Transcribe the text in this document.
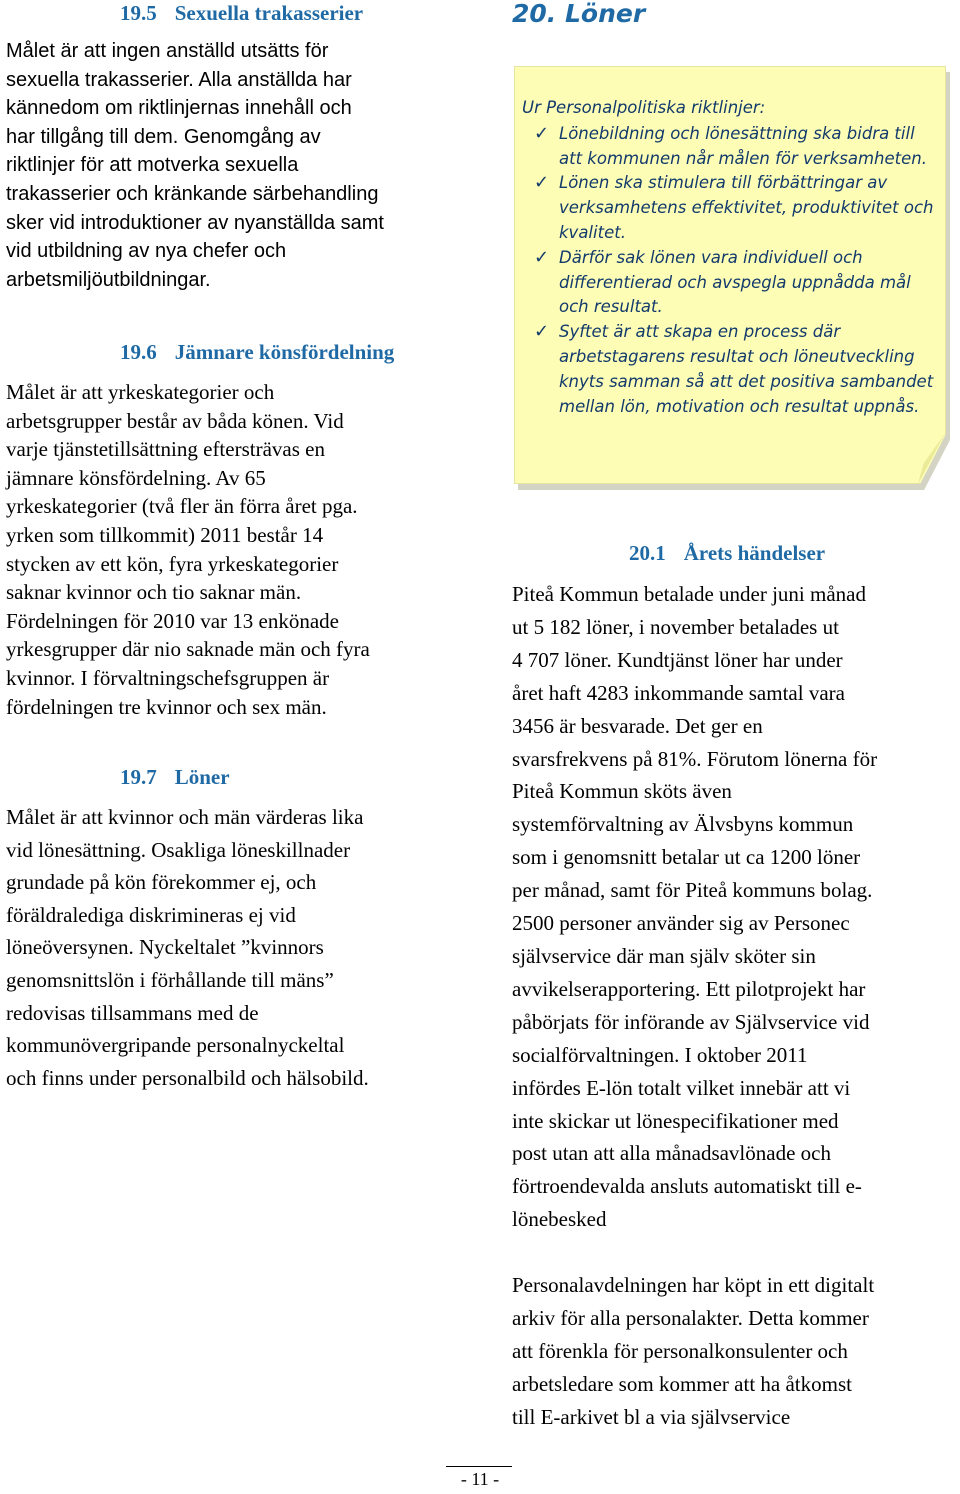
19.5 Sexuella trakasserier

Målet är att ingen anställd utsätts för
sexuella trakasserier. Alla anställda har
kännedom om riktlinjernas innehåll och
har tillgång till dem. Genomgång av
riktlinjer för att motverka sexuella
trakasserier och kränkande särbehandling
sker vid introduktioner av nyanställda samt
vid utbildning av nya chefer och
arbetsmiljöutbildningar.

19.6 Jämnare könsfördelning

Målet är att yrkeskategorier och
arbetsgrupper består av båda könen. Vid
varje tjänstetillsättning eftersträvas en
jämnare könsfördelning. Av 65
yrkeskategorier (två fler än förra året pga.
yrken som tillkommit) 2011 består 14
stycken av ett kön, fyra yrkeskategorier
saknar kvinnor och tio saknar män.
Fördelningen för 2010 var 13 enkönade
yrkesgrupper där nio saknade män och fyra
kvinnor. I förvaltningschefsgruppen är
fördelningen tre kvinnor och sex män.

19.7 Löner

Målet är att kvinnor och män värderas lika
vid lönesättning. Osakliga löneskillnader
grundade på kön förekommer ej, och
föräldralediga diskrimineras ej vid
löneöversynen. Nyckeltalet ”kvinnors
genomsnittslön i förhållande till mäns”
redovisas tillsammans med de
kommunövergripande personalnyckeltal
och finns under personalbild och hälsobild.

20. Löner

Ur Personalpolitiska riktlinjer:

✓ Lönebildning och lönesättning ska bidra till
att kommunen når målen för verksamheten.
✓ Lönen ska stimulera till förbättringar av
verksamhetens effektivitet, produktivitet och
kvalitet.
✓ Därför sak lönen vara individuell och
differentierad och avspegla uppnådda mål
och resultat.
✓ Syftet är att skapa en process där
arbetstagarens resultat och löneutveckling
knyts samman så att det positiva sambandet
mellan lön, motivation och resultat uppnås.
20.1 Årets händelser

Piteå Kommun betalade under juni månad
ut 5 182 löner, i november betalades ut
4 707 löner. Kundtjänst löner har under
året haft 4283 inkommande samtal vara
3456 är besvarade. Det ger en
svarsfrekvens på 81%. Förutom lönerna för
Piteå Kommun sköts även
systemförvaltning av Älvsbyns kommun
som i genomsnitt betalar ut ca 1200 löner
per månad, samt för Piteå kommuns bolag.
2500 personer använder sig av Personec
självservice där man själv sköter sin
avvikelserapportering. Ett pilotprojekt har
påbörjats för införande av Självservice vid
socialförvaltningen. I oktober 2011
infördes E-lön totalt vilket innebär att vi
inte skickar ut lönespecifikationer med
post utan att alla månadsavlönade och
förtroendevalda ansluts automatiskt till e-
lönebesked

Personalavdelningen har köpt in ett digitalt
arkiv för alla personalakter. Detta kommer
att förenkla för personalkonsulenter och
arbetsledare som kommer att ha åtkomst
till E-arkivet bl a via självservice

- 11 -
